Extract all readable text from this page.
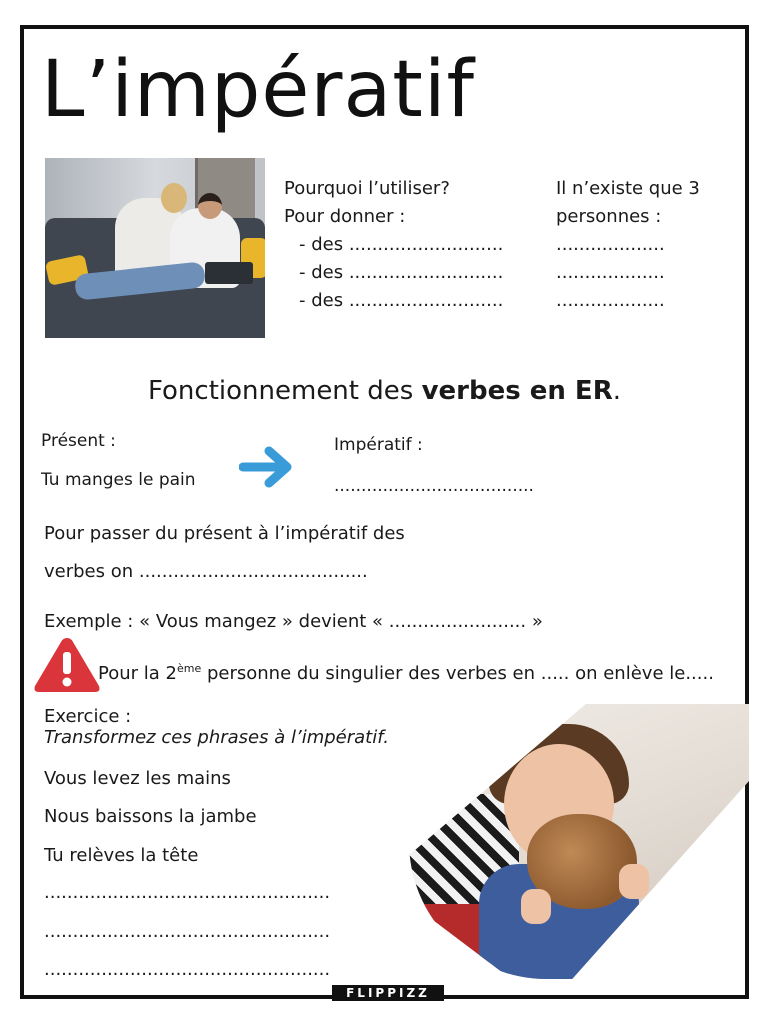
L’impératif
Pourquoi l’utiliser?
Pour donner :
- des ...........................
- des ...........................
- des ...........................
Il n’existe que 3
personnes :
...................
...................
...................
Fonctionnement des verbes en ER.
Présent :
Tu manges le pain
Impératif :
.....................................
Pour passer du présent à l’impératif des
verbes on ........................................
Exemple : « Vous mangez » devient « ........................ »
Pour la 2ème personne du singulier des verbes en ..... on enlève le.....
Exercice :
Transformez ces phrases à l’impératif.
Vous levez les mains
Nous baissons la jambe
Tu relèves la tête
..................................................
..................................................
..................................................
FLIPPIZZ
